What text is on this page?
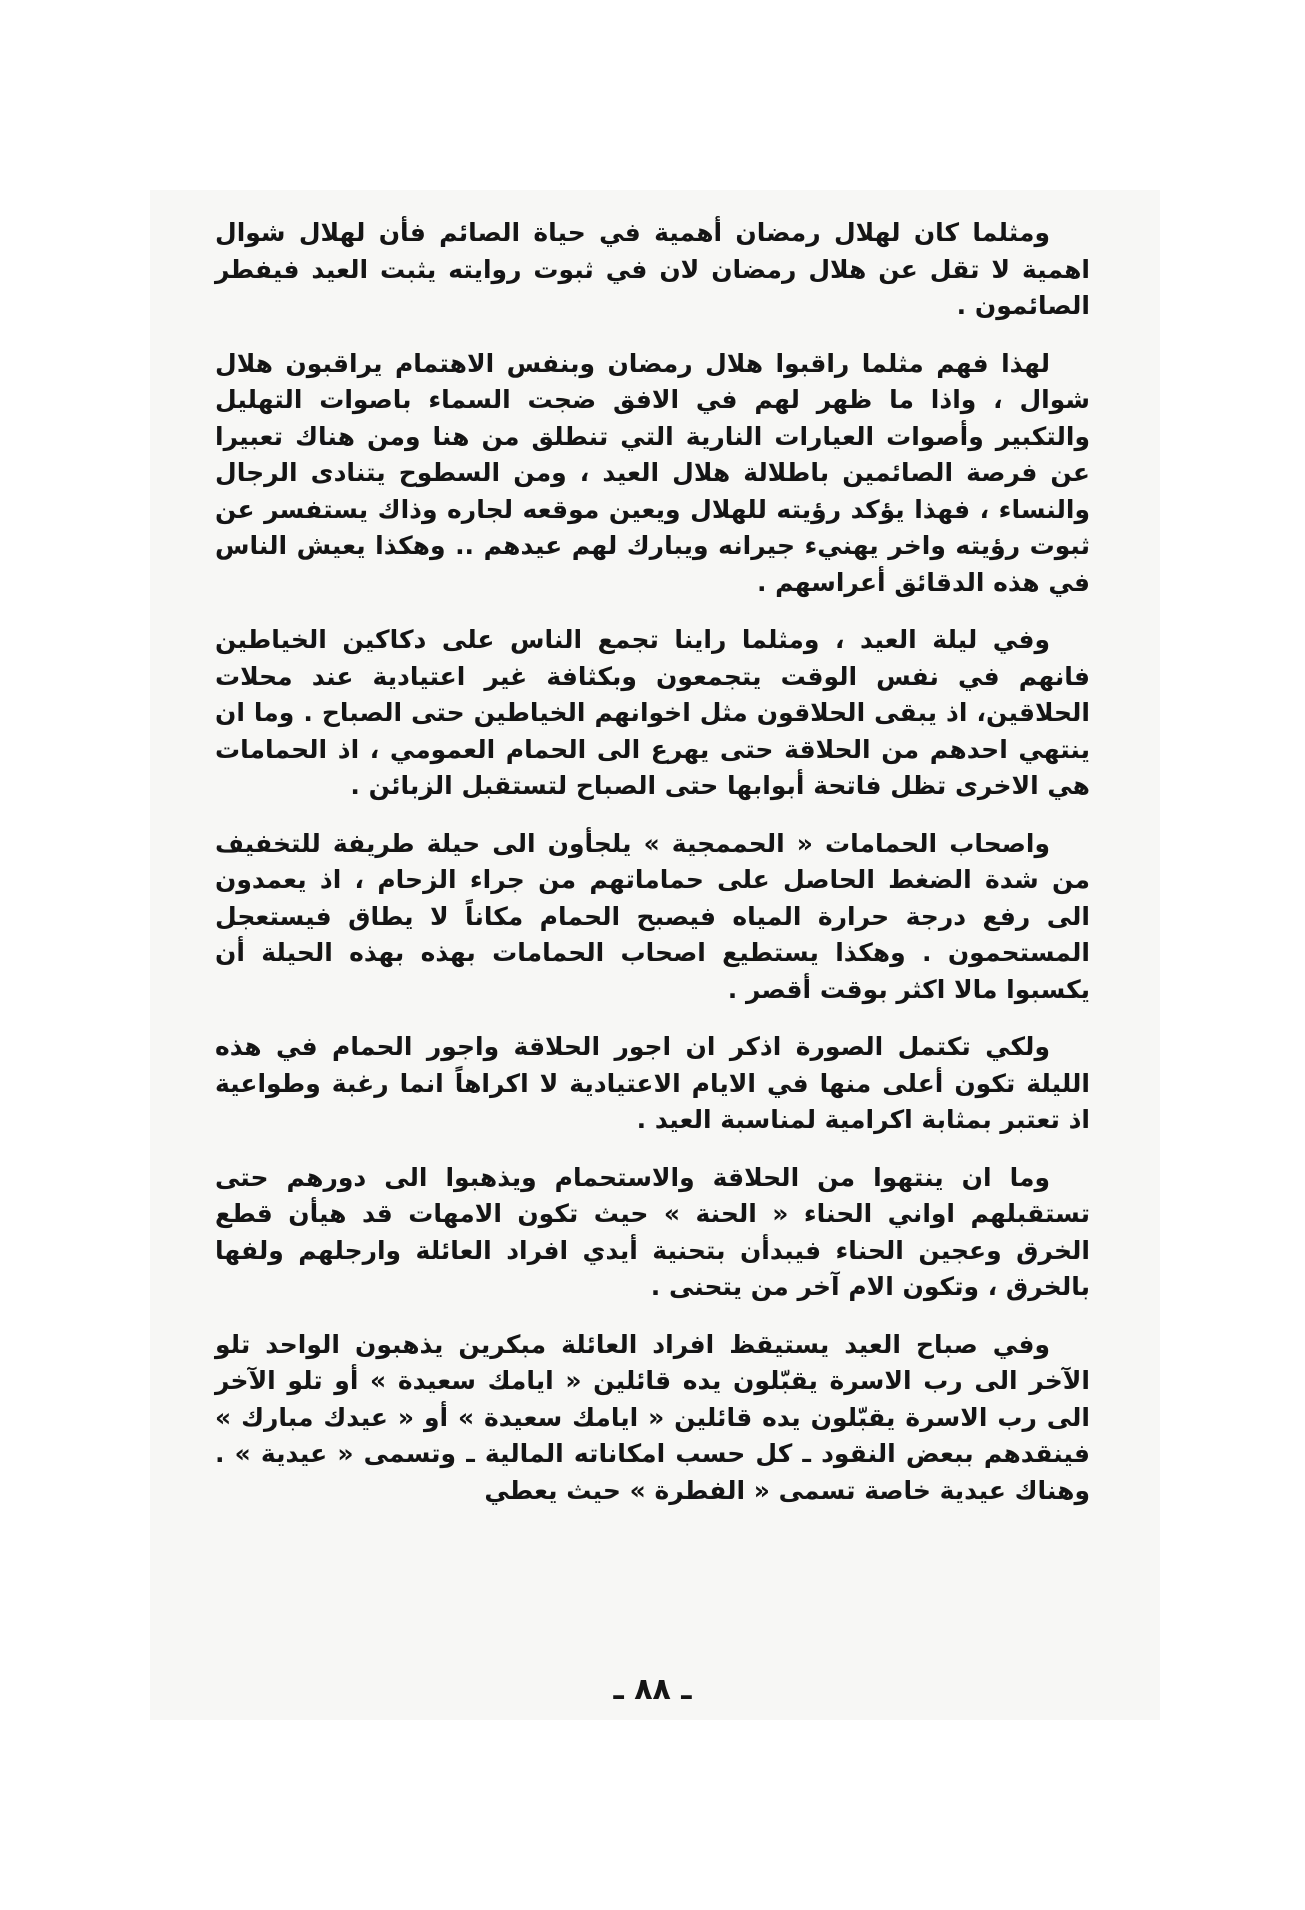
ومثلما كان لهلال رمضان أهمية في حياة الصائم فأن لهلال شوال اهمية لا تقل عن هلال رمضان لان في ثبوت روايته يثبت العيد فيفطر الصائمون .

لهذا فهم مثلما راقبوا هلال رمضان وبنفس الاهتمام يراقبون هلال شوال ، واذا ما ظهر لهم في الافق ضجت السماء باصوات التهليل والتكبير وأصوات العيارات النارية التي تنطلق من هنا ومن هناك تعبيرا عن فرصة الصائمين باطلالة هلال العيد ، ومن السطوح يتنادى الرجال والنساء ، فهذا يؤكد رؤيته للهلال ويعين موقعه لجاره وذاك يستفسر عن ثبوت رؤيته واخر يهنيء جيرانه ويبارك لهم عيدهم .. وهكذا يعيش الناس في هذه الدقائق أعراسهم .

وفي ليلة العيد ، ومثلما راينا تجمع الناس على دكاكين الخياطين فانهم في نفس الوقت يتجمعون وبكثافة غير اعتيادية عند محلات الحلاقين، اذ يبقى الحلاقون مثل اخوانهم الخياطين حتى الصباح . وما ان ينتهي احدهم من الحلاقة حتى يهرع الى الحمام العمومي ، اذ الحمامات هي الاخرى تظل فاتحة أبوابها حتى الصباح لتستقبل الزبائن .

واصحاب الحمامات « الحممجية » يلجأون الى حيلة طريفة للتخفيف من شدة الضغط الحاصل على حماماتهم من جراء الزحام ، اذ يعمدون الى رفع درجة حرارة المياه فيصبح الحمام مكاناً لا يطاق فيستعجل المستحمون . وهكذا يستطيع اصحاب الحمامات بهذه بهذه الحيلة أن يكسبوا مالا اكثر بوقت أقصر .

ولكي تكتمل الصورة اذكر ان اجور الحلاقة واجور الحمام في هذه الليلة تكون أعلى منها في الايام الاعتيادية لا اكراهاً انما رغبة وطواعية اذ تعتبر بمثابة اكرامية لمناسبة العيد .

وما ان ينتهوا من الحلاقة والاستحمام ويذهبوا الى دورهم حتى تستقبلهم اواني الحناء « الحنة » حيث تكون الامهات قد هيأن قطع الخرق وعجين الحناء فيبدأن بتحنية أيدي افراد العائلة وارجلهم ولفها بالخرق ، وتكون الام آخر من يتحنى .

وفي صباح العيد يستيقظ افراد العائلة مبكرين يذهبون الواحد تلو الآخر الى رب الاسرة يقبّلون يده قائلين « ايامك سعيدة » أو تلو الآخر الى رب الاسرة يقبّلون يده قائلين « ايامك سعيدة » أو « عيدك مبارك » فينقدهم ببعض النقود ـ كل حسب امكاناته المالية ـ وتسمى « عيدية » . وهناك عيدية خاصة تسمى « الفطرة » حيث يعطي

ـ ٨٨ ـ
